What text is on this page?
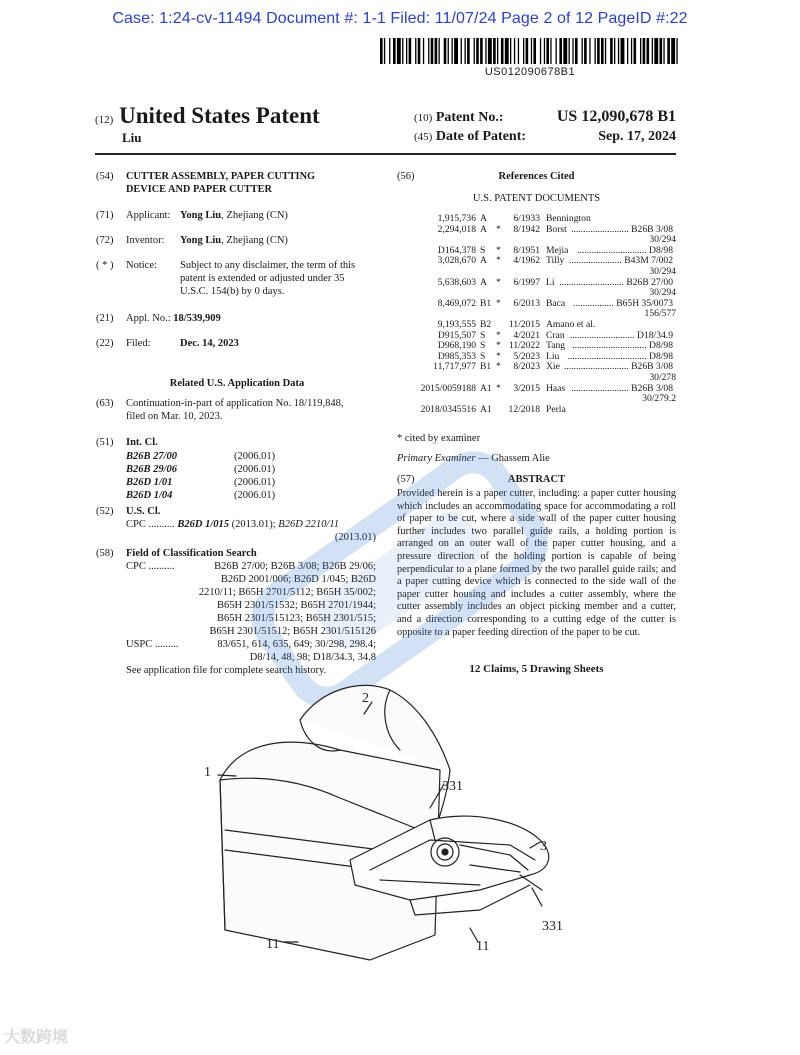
Case: 1:24-cv-11494 Document #: 1-1 Filed: 11/07/24 Page 2 of 12 PageID #:22
US012090678B1
(12) United States Patent
Liu
(10) Patent No.:	US 12,090,678 B1
(45) Date of Patent:	Sep. 17, 2024
(54) CUTTER ASSEMBLY, PAPER CUTTING
DEVICE AND PAPER CUTTER
(71) Applicant: Yong Liu, Zhejiang (CN)
(72) Inventor: Yong Liu, Zhejiang (CN)
( * ) Notice: Subject to any disclaimer, the term of this
patent is extended or adjusted under 35
U.S.C. 154(b) by 0 days.
(21) Appl. No.: 18/539,909
(22) Filed:	Dec. 14, 2023
Related U.S. Application Data
(63) Continuation-in-part of application No. 18/119,848,
filed on Mar. 10, 2023.
(51) Int. Cl.
B26B 27/00	(2006.01)
B26B 29/06	(2006.01)
B26D 1/01	(2006.01)
B26D 1/04	(2006.01)
(52) U.S. Cl.
CPC .......... B26D 1/015 (2013.01); B26D 2210/11
(2013.01)
(58) Field of Classification Search
CPC ..........	B26B 27/00; B26B 3/08; B26B 29/06;
B26D 2001/006; B26D 1/045; B26D
2210/11; B65H 2701/5112; B65H 35/002;
B65H 2301/51532; B65H 2701/1944;
B65H 2301/515123; B65H 2301/515;
B65H 2301/51512; B65H 2301/515126
USPC .........	83/651, 614, 635, 649; 30/298, 298.4;
D8/14, 48, 98; D18/34.3, 34.8
See application file for complete search history.
(56)	References Cited
U.S. PATENT DOCUMENTS
1,915,736 A	6/1933 Bennington
2,294,018 A *	8/1942 Borst ........................ B26B 3/08
30/294
D164,378 S *	8/1951 Mejia ............................. D8/98
3,028,670 A *	4/1962 Tilly ...................... B43M 7/002
30/294
5,638,603 A *	6/1997 Li ........................... B26B 27/00
30/294
8,469,072 B1 *	6/2013 Baca ................. B65H 35/0073
156/577
9,193,555 B2	11/2015 Amano et al.
D915,507 S *	4/2021 Cran ........................... D18/34.9
D968,190 S * 11/2022 Tang ............................... D8/98
D985,353 S *	5/2023 Liu ................................. D8/98
11,717,977 B1 *	8/2023 Xie ........................... B26B 3/08
30/278
2015/0059188 A1 *	3/2015 Haas ........................ B26B 3/08
30/279.2
2018/0345516 A1	12/2018 Perla
* cited by examiner
Primary Examiner — Ghassem Alie
(57)	ABSTRACT
Provided herein is a paper cutter, including: a paper cutter housing which includes an accommodating space for accommodating a roll of paper to be cut, where a side wall of the paper cutter housing further includes two parallel guide rails, a holding portion is arranged on an outer wall of the paper cutter housing, and a pressure direction of the holding portion is capable of being perpendicular to a plane formed by the two parallel guide rails; and a paper cutting device which is connected to the side wall of the paper cutter housing and includes a cutter assembly, where the cutter assembly includes an object picking member and a cutter, and a direction corresponding to a cutting edge of the cutter is opposite to a paper feeding direction of the paper to be cut.
12 Claims, 5 Drawing Sheets
1
2
331
3
331
11	11
大数跨境
